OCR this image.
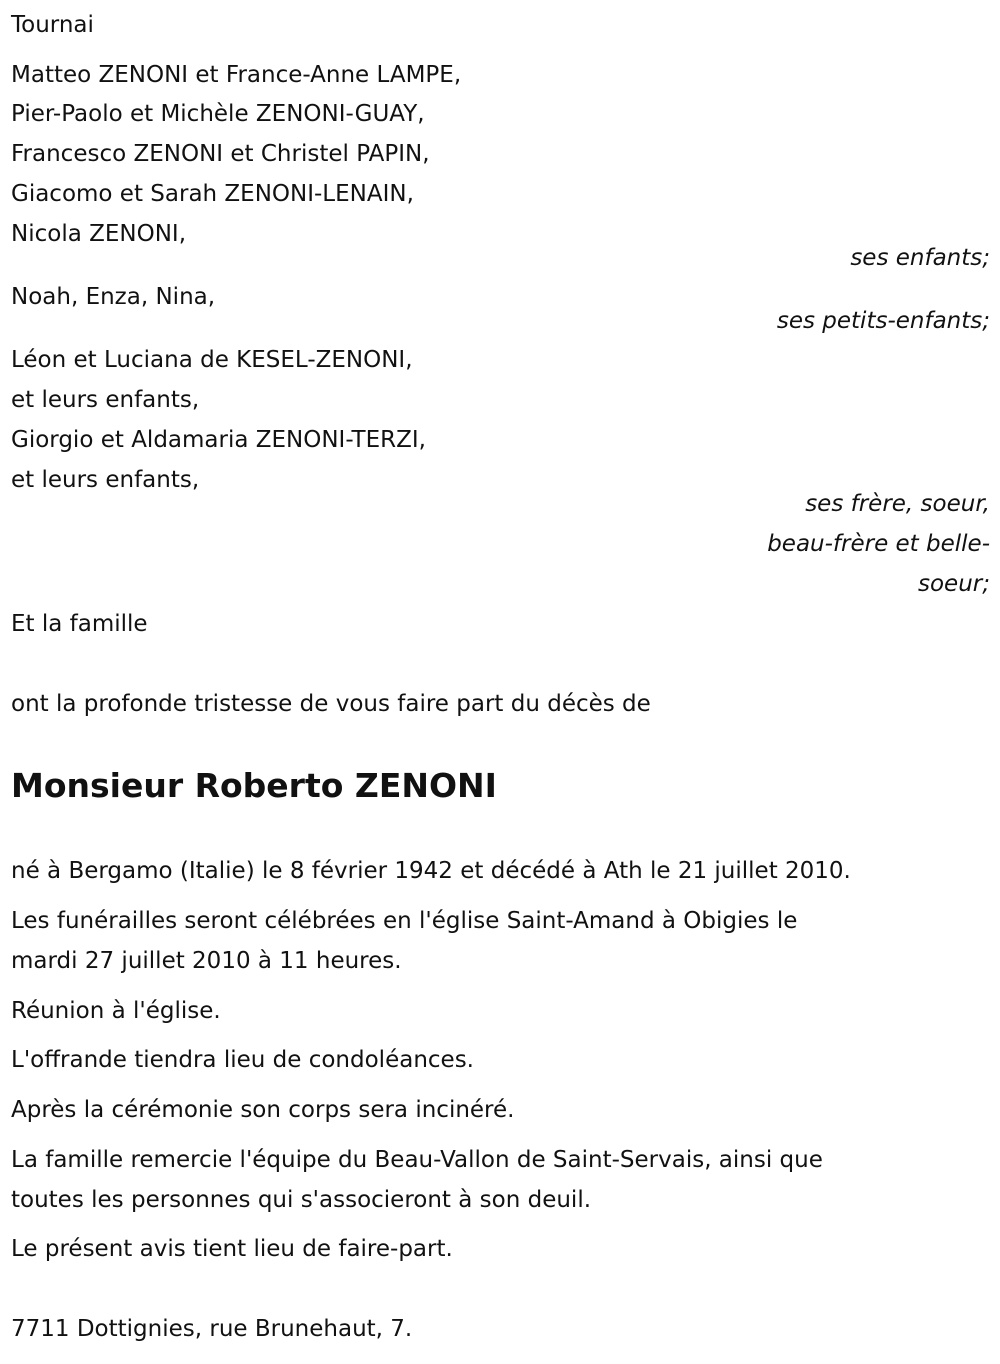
Tournai
Matteo ZENONI et France-Anne LAMPE,
Pier-Paolo et Michèle ZENONI-GUAY,
Francesco ZENONI et Christel PAPIN,
Giacomo et Sarah ZENONI-LENAIN,
Nicola ZENONI,
ses enfants;
Noah, Enza, Nina,
ses petits-enfants;
Léon et Luciana de KESEL-ZENONI,
et leurs enfants,
Giorgio et Aldamaria ZENONI-TERZI,
et leurs enfants,
ses frère, soeur,
beau-frère et belle-
soeur;
Et la famille
ont la profonde tristesse de vous faire part du décès de
Monsieur Roberto ZENONI
né à Bergamo (Italie) le 8 février 1942 et décédé à Ath le 21 juillet 2010.
Les funérailles seront célébrées en l'église Saint-Amand à Obigies le
mardi 27 juillet 2010 à 11 heures.
Réunion à l'église.
L'offrande tiendra lieu de condoléances.
Après la cérémonie son corps sera incinéré.
La famille remercie l'équipe du Beau-Vallon de Saint-Servais, ainsi que
toutes les personnes qui s'associeront à son deuil.
Le présent avis tient lieu de faire-part.
7711 Dottignies, rue Brunehaut, 7.
